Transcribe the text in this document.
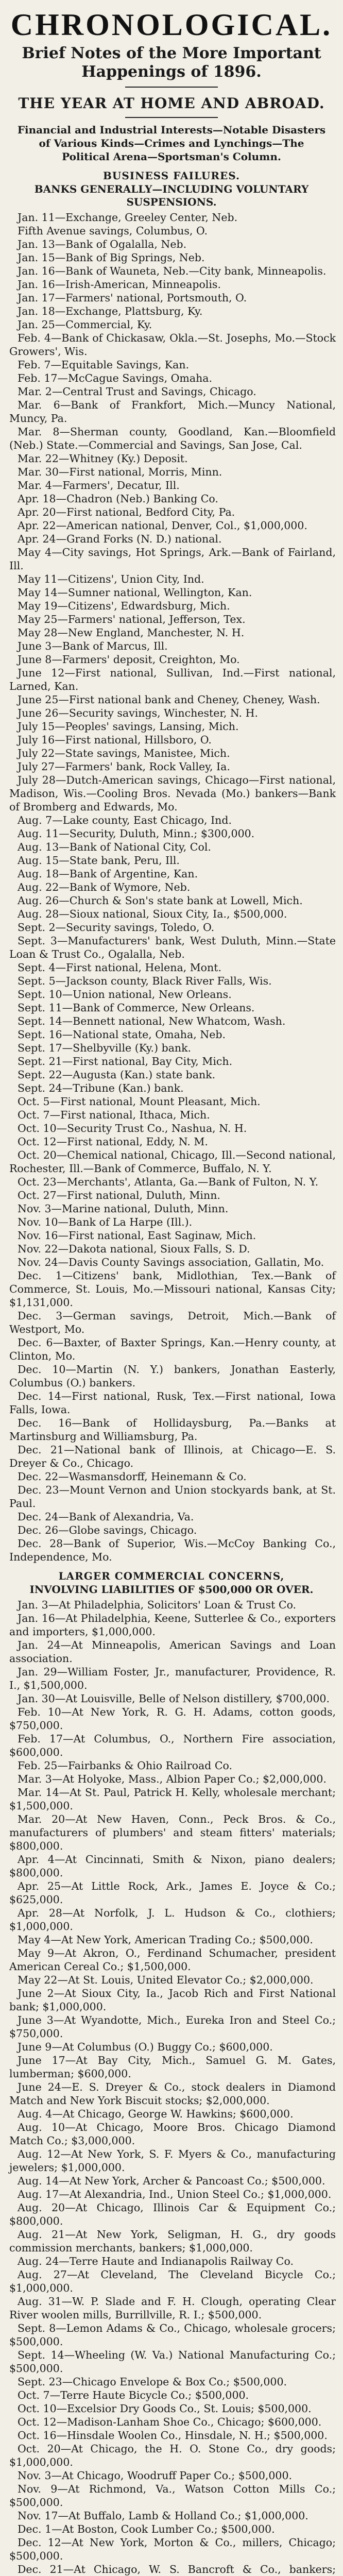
CHRONOLOGICAL.
Brief Notes of the More Important Happenings of 1896.
THE YEAR AT HOME AND ABROAD.
Financial and Industrial Interests—Notable Disasters of Various Kinds—Crimes and Lynchings—The Political Arena—Sportsman's Column.
BUSINESS FAILURES.
BANKS GENERALLY—INCLUDING VOLUNTARY SUSPENSIONS.

Jan. 11—Exchange, Greeley Center, Neb.

Fifth Avenue savings, Columbus, O.

Jan. 13—Bank of Ogalalla, Neb.

Jan. 15—Bank of Big Springs, Neb.

Jan. 16—Bank of Wauneta, Neb.—City bank, Minneapolis.

Jan. 16—Irish-American, Minneapolis.

Jan. 17—Farmers' national, Portsmouth, O.

Jan. 18—Exchange, Plattsburg, Ky.

Jan. 25—Commercial, Ky.

Feb. 4—Bank of Chickasaw, Okla.—St. Josephs, Mo.—Stock Growers', Wis.

Feb. 7—Equitable Savings, Kan.

Feb. 17—McCague Savings, Omaha.

Mar. 2—Central Trust and Savings, Chicago.

Mar. 6—Bank of Frankfort, Mich.—Muncy National, Muncy, Pa.

Mar. 8—Sherman county, Goodland, Kan.—Bloomfield (Neb.) State.—Commercial and Savings, San Jose, Cal.

Mar. 22—Whitney (Ky.) Deposit.

Mar. 30—First national, Morris, Minn.

Mar. 4—Farmers', Decatur, Ill.

Apr. 18—Chadron (Neb.) Banking Co.

Apr. 20—First national, Bedford City, Pa.

Apr. 22—American national, Denver, Col., $1,000,000.

Apr. 24—Grand Forks (N. D.) national.

May 4—City savings, Hot Springs, Ark.—Bank of Fairland, Ill.

May 11—Citizens', Union City, Ind.

May 14—Sumner national, Wellington, Kan.

May 19—Citizens', Edwardsburg, Mich.

May 25—Farmers' national, Jefferson, Tex.

May 28—New England, Manchester, N. H.

June 3—Bank of Marcus, Ill.

June 8—Farmers' deposit, Creighton, Mo.

June 12—First national, Sullivan, Ind.—First national, Larned, Kan.

June 25—First national bank and Cheney, Cheney, Wash.

June 26—Security savings, Winchester, N. H.

July 15—Peoples' savings, Lansing, Mich.

July 16—First national, Hillsboro, O.

July 22—State savings, Manistee, Mich.

July 27—Farmers' bank, Rock Valley, Ia.

July 28—Dutch-American savings, Chicago—First national, Madison, Wis.—Cooling Bros. Nevada (Mo.) bankers—Bank of Bromberg and Edwards, Mo.

Aug. 7—Lake county, East Chicago, Ind.

Aug. 11—Security, Duluth, Minn.; $300,000.

Aug. 13—Bank of National City, Col.

Aug. 15—State bank, Peru, Ill.

Aug. 18—Bank of Argentine, Kan.

Aug. 22—Bank of Wymore, Neb.

Aug. 26—Church & Son's state bank at Lowell, Mich.

Aug. 28—Sioux national, Sioux City, Ia., $500,000.

Sept. 2—Security savings, Toledo, O.

Sept. 3—Manufacturers' bank, West Duluth, Minn.—State Loan & Trust Co., Ogalalla, Neb.

Sept. 4—First national, Helena, Mont.

Sept. 5—Jackson county, Black River Falls, Wis.

Sept. 10—Union national, New Orleans.

Sept. 11—Bank of Commerce, New Orleans.

Sept. 14—Bennett national, New Whatcom, Wash.

Sept. 16—National state, Omaha, Neb.

Sept. 17—Shelbyville (Ky.) bank.

Sept. 21—First national, Bay City, Mich.

Sept. 22—Augusta (Kan.) state bank.

Sept. 24—Tribune (Kan.) bank.

Oct. 5—First national, Mount Pleasant, Mich.

Oct. 7—First national, Ithaca, Mich.

Oct. 10—Security Trust Co., Nashua, N. H.

Oct. 12—First national, Eddy, N. M.

Oct. 20—Chemical national, Chicago, Ill.—Second national, Rochester, Ill.—Bank of Commerce, Buffalo, N. Y.

Oct. 23—Merchants', Atlanta, Ga.—Bank of Fulton, N. Y.

Oct. 27—First national, Duluth, Minn.

Nov. 3—Marine national, Duluth, Minn.

Nov. 10—Bank of La Harpe (Ill.).

Nov. 16—First national, East Saginaw, Mich.

Nov. 22—Dakota national, Sioux Falls, S. D.

Nov. 24—Davis County Savings association, Gallatin, Mo.

Dec. 1—Citizens' bank, Midlothian, Tex.—Bank of Commerce, St. Louis, Mo.—Missouri national, Kansas City; $1,131,000.

Dec. 3—German savings, Detroit, Mich.—Bank of Westport, Mo.

Dec. 6—Baxter, of Baxter Springs, Kan.—Henry county, at Clinton, Mo.

Dec. 10—Martin (N. Y.) bankers, Jonathan Easterly, Columbus (O.) bankers.

Dec. 14—First national, Rusk, Tex.—First national, Iowa Falls, Iowa.

Dec. 16—Bank of Hollidaysburg, Pa.—Banks at Martinsburg and Williamsburg, Pa.

Dec. 21—National bank of Illinois, at Chicago—E. S. Dreyer & Co., Chicago.

Dec. 22—Wasmansdorff, Heinemann & Co.

Dec. 23—Mount Vernon and Union stockyards bank, at St. Paul.

Dec. 24—Bank of Alexandria, Va.

Dec. 26—Globe savings, Chicago.

Dec. 28—Bank of Superior, Wis.—McCoy Banking Co., Independence, Mo.

LARGER COMMERCIAL CONCERNS,
INVOLVING LIABILITIES OF $500,000 OR OVER.

Jan. 3—At Philadelphia, Solicitors' Loan & Trust Co.

Jan. 16—At Philadelphia, Keene, Sutterlee & Co., exporters and importers, $1,000,000.

Jan. 24—At Minneapolis, American Savings and Loan association.

Jan. 29—William Foster, Jr., manufacturer, Providence, R. I., $1,500,000.

Jan. 30—At Louisville, Belle of Nelson distillery, $700,000.

Feb. 10—At New York, R. G. H. Adams, cotton goods, $750,000.

Feb. 17—At Columbus, O., Northern Fire association, $600,000.

Feb. 25—Fairbanks & Ohio Railroad Co.

Mar. 3—At Holyoke, Mass., Albion Paper Co.; $2,000,000.

Mar. 14—At St. Paul, Patrick H. Kelly, wholesale merchant; $1,500,000.

Mar. 20—At New Haven, Conn., Peck Bros. & Co., manufacturers of plumbers' and steam fitters' materials; $800,000.

Apr. 4—At Cincinnati, Smith & Nixon, piano dealers; $800,000.

Apr. 25—At Little Rock, Ark., James E. Joyce & Co.; $625,000.

Apr. 28—At Norfolk, J. L. Hudson & Co., clothiers; $1,000,000.

May 4—At New York, American Trading Co.; $500,000.

May 9—At Akron, O., Ferdinand Schumacher, president American Cereal Co.; $1,500,000.

May 22—At St. Louis, United Elevator Co.; $2,000,000.

June 2—At Sioux City, Ia., Jacob Rich and First National bank; $1,000,000.

June 3—At Wyandotte, Mich., Eureka Iron and Steel Co.; $750,000.

June 9—At Columbus (O.) Buggy Co.; $600,000.

June 17—At Bay City, Mich., Samuel G. M. Gates, lumberman; $600,000.

June 24—E. S. Dreyer & Co., stock dealers in Diamond Match and New York Biscuit stocks; $2,000,000.

Aug. 4—At Chicago, George W. Hawkins; $600,000.

Aug. 10—At Chicago, Moore Bros. Chicago Diamond Match Co.; $3,000,000.

Aug. 12—At New York, S. F. Myers & Co., manufacturing jewelers; $1,000,000.

Aug. 14—At New York, Archer & Pancoast Co.; $500,000.

Aug. 17—At Alexandria, Ind., Union Steel Co.; $1,000,000.

Aug. 20—At Chicago, Illinois Car & Equipment Co.; $800,000.

Aug. 21—At New York, Seligman, H. G., dry goods commission merchants, bankers; $1,000,000.

Aug. 24—Terre Haute and Indianapolis Railway Co.

Aug. 27—At Cleveland, The Cleveland Bicycle Co.; $1,000,000.

Aug. 31—W. P. Slade and F. H. Clough, operating Clear River woolen mills, Burrillville, R. I.; $500,000.

Sept. 8—Lemon Adams & Co., Chicago, wholesale grocers; $500,000.

Sept. 14—Wheeling (W. Va.) National Manufacturing Co.; $500,000.

Sept. 23—Chicago Envelope & Box Co.; $500,000.

Oct. 7—Terre Haute Bicycle Co.; $500,000.

Oct. 10—Excelsior Dry Goods Co., St. Louis; $500,000.

Oct. 12—Madison-Lanham Shoe Co., Chicago; $600,000.

Oct. 16—Hinsdale Woolen Co., Hinsdale, N. H.; $500,000.

Oct. 20—At Chicago, the H. O. Stone Co., dry goods; $1,000,000.

Nov. 3—At Chicago, Woodruff Paper Co.; $500,000.

Nov. 9—At Richmond, Va., Watson Cotton Mills Co.; $500,000.

Nov. 17—At Buffalo, Lamb & Holland Co.; $1,000,000.

Dec. 1—At Boston, Cook Lumber Co.; $500,000.

Dec. 12—At New York, Morton & Co., millers, Chicago; $500,000.

Dec. 21—At Chicago, W. S. Bancroft & Co., bankers;
